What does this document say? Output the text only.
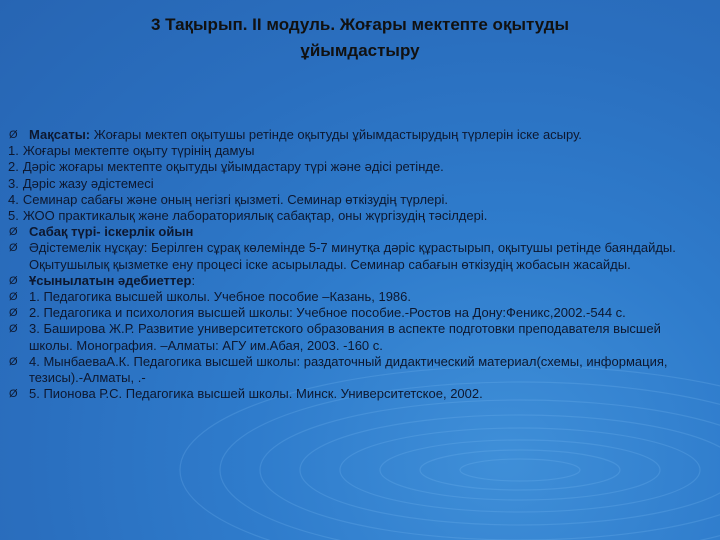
3 Тақырып. ІІ модуль. Жоғары мектепте оқытуды
ұйымдастыру
Ø Мақсаты: Жоғары мектеп оқытушы ретінде оқытуды ұйымдастырудың түрлерін іске асыру.
1. Жоғары мектепте оқыту түрінің дамуы
2. Дәріс жоғары мектепте оқытуды ұйымдастару түрі және әдісі ретінде.
3. Дәріс жазу әдістемесі
4. Семинар сабағы және оның негізгі қызметі. Семинар өткізудің түрлері.
5. ЖОО практикалық және лабораториялық сабақтар, оны жүргізудің тәсілдері.
Ø Сабақ түрі- іскерлік ойын
Ø Әдістемелік нұсқау: Берілген сұрақ көлемінде 5-7 минутқа дәріс құрастырып, оқытушы ретінде баяндайды. Оқытушылық қызметке ену процесі іске асырылады. Семинар сабағын өткізудің жобасын жасайды.
Ø Ұсынылатын әдебиеттер:
Ø 1. Педагогика высшей школы. Учебное пособие –Казань, 1986.
Ø 2. Педагогика и психология высшей школы: Учебное пособие.-Ростов на Дону:Феникс,2002.-544 с.
Ø 3. Баширова Ж.Р. Развитие университетского образования в аспекте подготовки преподавателя высшей школы. Монография. –Алматы: АГУ им.Абая, 2003. -160 с.
Ø 4. МынбаеваА.К. Педагогика высшей школы: раздаточный дидактический материал(схемы, информация, тезисы).-Алматы, .-
Ø 5. Пионова Р.С. Педагогика высшей школы. Минск. Университетское, 2002.
